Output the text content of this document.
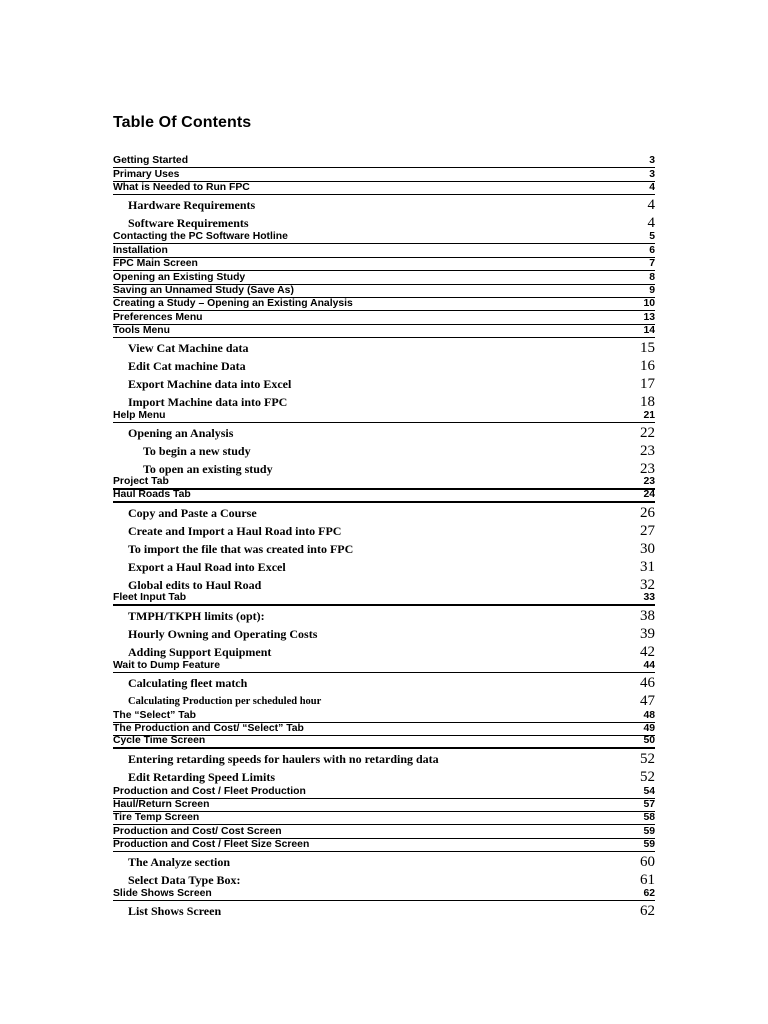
Table Of Contents
Getting Started	3
Primary Uses	3
What is Needed to Run FPC	4
Hardware Requirements	4
Software Requirements	4
Contacting the PC Software Hotline	5
Installation	6
FPC Main Screen	7
Opening an Existing Study	8
Saving an Unnamed Study (Save As)	9
Creating a Study – Opening an Existing Analysis	10
Preferences Menu	13
Tools Menu	14
View Cat Machine data	15
Edit Cat machine Data	16
Export Machine data into Excel	17
Import Machine data into FPC	18
Help Menu	21
Opening an Analysis	22
To begin a new study	23
To open an existing study	23
Project Tab	23
Haul Roads Tab	24
Copy and Paste a Course	26
Create and Import a Haul Road into FPC	27
To import the file that was created into FPC	30
Export a Haul Road into Excel	31
Global edits to Haul Road	32
Fleet Input Tab	33
TMPH/TKPH limits (opt):	38
Hourly Owning and Operating Costs	39
Adding Support Equipment	42
Wait to Dump Feature	44
Calculating fleet match	46
Calculating Production per scheduled hour	47
The “Select” Tab	48
The Production and Cost/ “Select” Tab	49
Cycle Time Screen	50
Entering retarding speeds for haulers with no retarding data	52
Edit Retarding Speed Limits	52
Production and Cost / Fleet Production	54
Haul/Return Screen	57
Tire Temp Screen	58
Production and Cost/ Cost Screen	59
Production and Cost / Fleet Size Screen	59
The Analyze section	60
Select Data Type Box:	61
Slide Shows Screen	62
List Shows Screen	62
